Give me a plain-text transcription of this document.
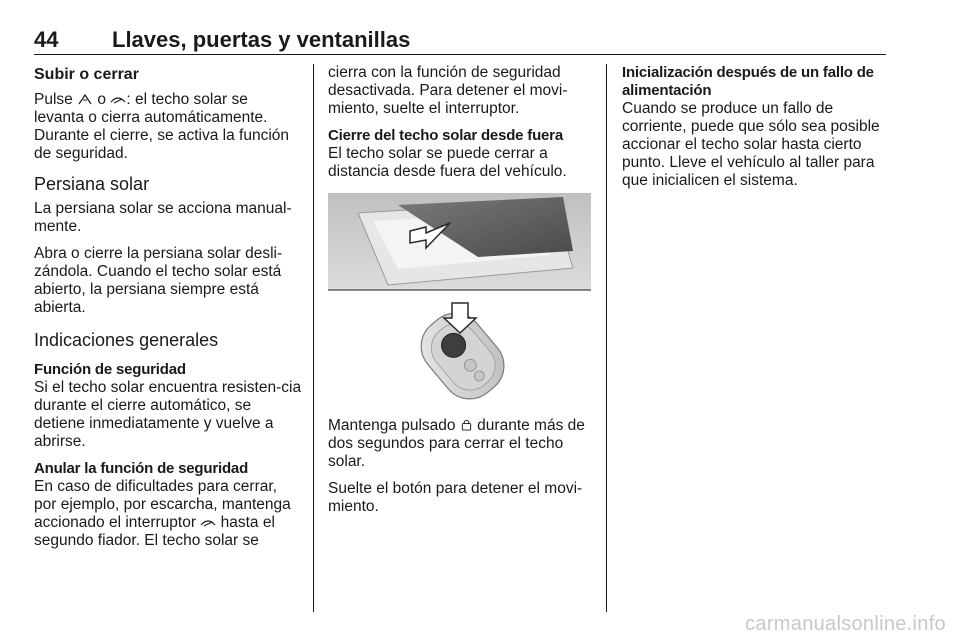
44 Llaves, puertas y ventanillas
Subir o cerrar

Pulse o : el techo solar se levanta o cierra automáticamente. Durante el cierre, se activa la función de seguridad.

Persiana solar

La persiana solar se acciona manual-mente.

Abra o cierre la persiana solar desli-zándola. Cuando el techo solar está abierto, la persiana siempre está abierta.

Indicaciones generales
Función de seguridad

Si el techo solar encuentra resisten-cia durante el cierre automático, se detiene inmediatamente y vuelve a abrirse.

Anular la función de seguridad

En caso de dificultades para cerrar, por ejemplo, por escarcha, mantenga accionado el interruptor hasta el segundo fiador. El techo solar se

cierra con la función de seguridad desactivada. Para detener el movi-miento, suelte el interruptor.

Cierre del techo solar desde fuera

El techo solar se puede cerrar a distancia desde fuera del vehículo.

Mantenga pulsado durante más de dos segundos para cerrar el techo solar.

Suelte el botón para detener el movi-miento.

Inicialización después de un fallo de alimentación

Cuando se produce un fallo de corriente, puede que sólo sea posible accionar el techo solar hasta cierto punto. Lleve el vehículo al taller para que inicialicen el sistema.

carmanualsonline.info
